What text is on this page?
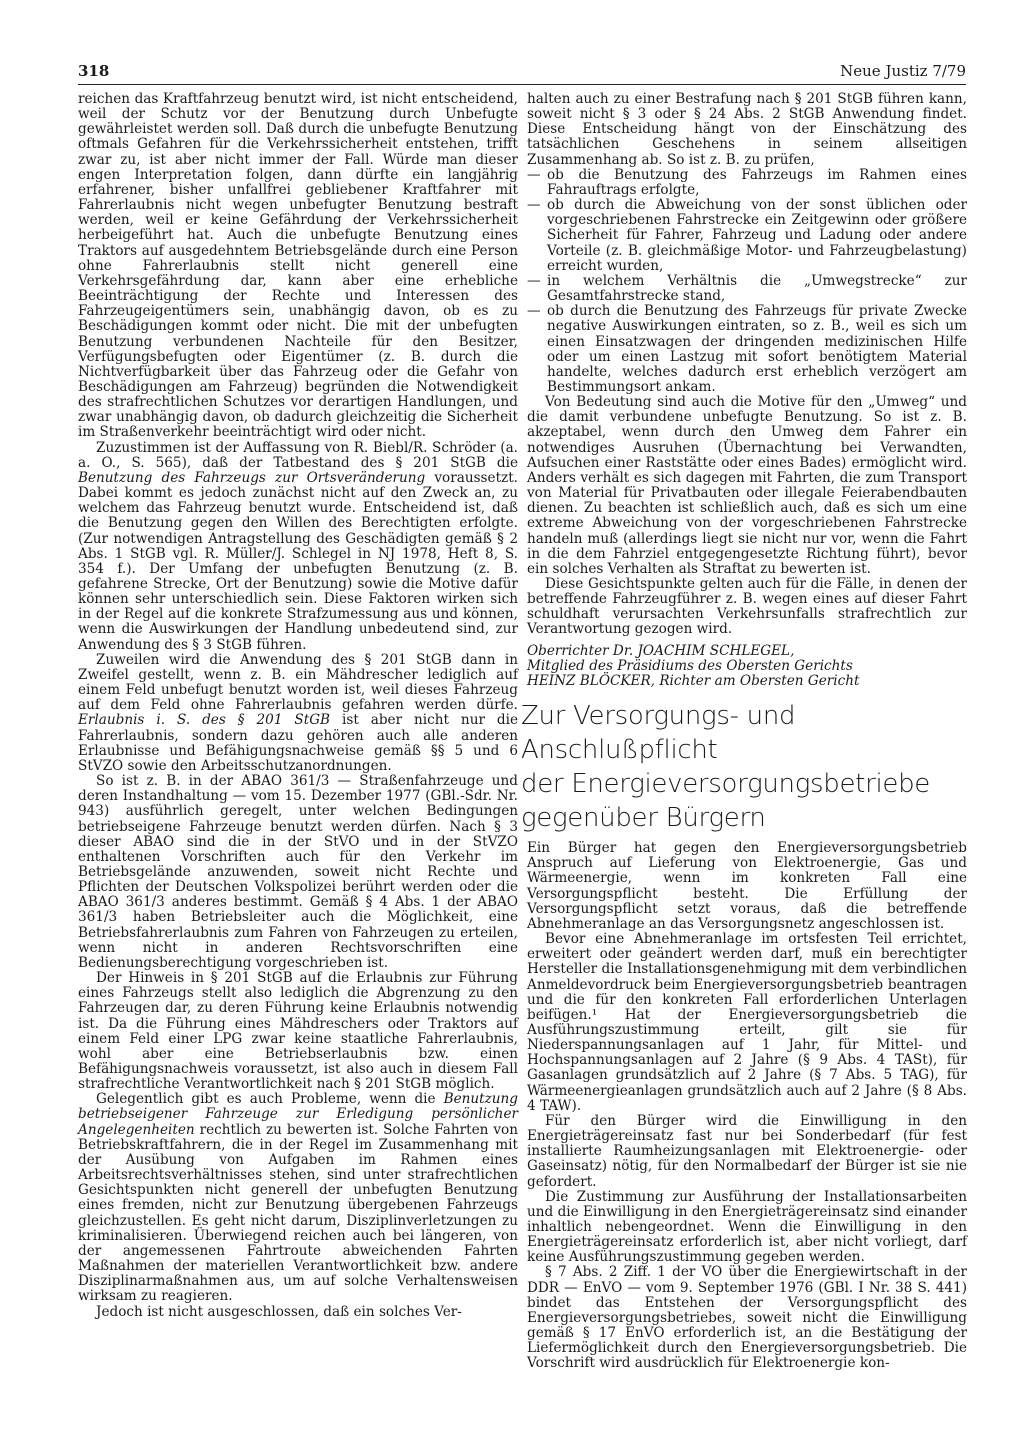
318	Neue Justiz 7/79

reichen das Kraftfahrzeug benutzt wird, ist nicht entscheidend, weil der Schutz vor der Benutzung durch Unbefugte gewährleistet werden soll. Daß durch die unbefugte Benutzung oftmals Gefahren für die Verkehrssicherheit entstehen, trifft zwar zu, ist aber nicht immer der Fall. Würde man dieser engen Interpretation folgen, dann dürfte ein langjährig erfahrener, bisher unfallfrei gebliebener Kraftfahrer mit Fahrerlaubnis nicht wegen unbefugter Benutzung bestraft werden, weil er keine Gefährdung der Verkehrssicherheit herbeigeführt hat. Auch die unbefugte Benutzung eines Traktors auf ausgedehntem Betriebsgelände durch eine Person ohne Fahrerlaubnis stellt nicht generell eine Verkehrsgefährdung dar, kann aber eine erhebliche Beeinträchtigung der Rechte und Interessen des Fahrzeugeigentümers sein, unabhängig davon, ob es zu Beschädigungen kommt oder nicht. Die mit der unbefugten Benutzung verbundenen Nachteile für den Besitzer, Verfügungsbefugten oder Eigentümer (z. B. durch die Nichtverfügbarkeit über das Fahrzeug oder die Gefahr von Beschädigungen am Fahrzeug) begründen die Notwendigkeit des strafrechtlichen Schutzes vor derartigen Handlungen, und zwar unabhängig davon, ob dadurch gleichzeitig die Sicherheit im Straßenverkehr beeinträchtigt wird oder nicht.

Zuzustimmen ist der Auffassung von R. Biebl/R. Schröder (a. a. O., S. 565), daß der Tatbestand des § 201 StGB die Benutzung des Fahrzeugs zur Ortsveränderung voraussetzt. Dabei kommt es jedoch zunächst nicht auf den Zweck an, zu welchem das Fahrzeug benutzt wurde. Entscheidend ist, daß die Benutzung gegen den Willen des Berechtigten erfolgte. (Zur notwendigen Antragstellung des Geschädigten gemäß § 2 Abs. 1 StGB vgl. R. Müller/J. Schlegel in NJ 1978, Heft 8, S. 354 f.). Der Umfang der unbefugten Benutzung (z. B. gefahrene Strecke, Ort der Benutzung) sowie die Motive dafür können sehr unterschiedlich sein. Diese Faktoren wirken sich in der Regel auf die konkrete Strafzumessung aus und können, wenn die Auswirkungen der Handlung unbedeutend sind, zur Anwendung des § 3 StGB führen.

Zuweilen wird die Anwendung des § 201 StGB dann in Zweifel gestellt, wenn z. B. ein Mähdrescher lediglich auf einem Feld unbefugt benutzt worden ist, weil dieses Fahrzeug auf dem Feld ohne Fahrerlaubnis gefahren werden dürfe. Erlaubnis i. S. des § 201 StGB ist aber nicht nur die Fahrerlaubnis, sondern dazu gehören auch alle anderen Erlaubnisse und Befähigungsnachweise gemäß §§ 5 und 6 StVZO sowie den Arbeitsschutzanordnungen.

So ist z. B. in der ABAO 361/3 — Straßenfahrzeuge und deren Instandhaltung — vom 15. Dezember 1977 (GBl.-Sdr. Nr. 943) ausführlich geregelt, unter welchen Bedingungen betriebseigene Fahrzeuge benutzt werden dürfen. Nach § 3 dieser ABAO sind die in der StVO und in der StVZO enthaltenen Vorschriften auch für den Verkehr im Betriebsgelände anzuwenden, soweit nicht Rechte und Pflichten der Deutschen Volkspolizei berührt werden oder die ABAO 361/3 anderes bestimmt. Gemäß § 4 Abs. 1 der ABAO 361/3 haben Betriebsleiter auch die Möglichkeit, eine Betriebsfahrerlaubnis zum Fahren von Fahrzeugen zu erteilen, wenn nicht in anderen Rechtsvorschriften eine Bedienungsberechtigung vorgeschrieben ist.

Der Hinweis in § 201 StGB auf die Erlaubnis zur Führung eines Fahrzeugs stellt also lediglich die Abgrenzung zu den Fahrzeugen dar, zu deren Führung keine Erlaubnis notwendig ist. Da die Führung eines Mähdreschers oder Traktors auf einem Feld einer LPG zwar keine staatliche Fahrerlaubnis, wohl aber eine Betriebserlaubnis bzw. einen Befähigungsnachweis voraussetzt, ist also auch in diesem Fall strafrechtliche Verantwortlichkeit nach § 201 StGB möglich.

Gelegentlich gibt es auch Probleme, wenn die Benutzung betriebseigener Fahrzeuge zur Erledigung persönlicher Angelegenheiten rechtlich zu bewerten ist. Solche Fahrten von Betriebskraftfahrern, die in der Regel im Zusammenhang mit der Ausübung von Aufgaben im Rahmen eines Arbeitsrechtsverhältnisses stehen, sind unter strafrechtlichen Gesichtspunkten nicht generell der unbefugten Benutzung eines fremden, nicht zur Benutzung übergebenen Fahrzeugs gleichzustellen. Es geht nicht darum, Disziplinverletzungen zu kriminalisieren. Überwiegend reichen auch bei längeren, von der angemessenen Fahrtroute abweichenden Fahrten Maßnahmen der materiellen Verantwortlichkeit bzw. andere Disziplinarmaßnahmen aus, um auf solche Verhaltensweisen wirksam zu reagieren.

Jedoch ist nicht ausgeschlossen, daß ein solches Ver-

halten auch zu einer Bestrafung nach § 201 StGB führen kann, soweit nicht § 3 oder § 24 Abs. 2 StGB Anwendung findet. Diese Entscheidung hängt von der Einschätzung des tatsächlichen Geschehens in seinem allseitigen Zusammenhang ab. So ist z. B. zu prüfen,

— ob die Benutzung des Fahrzeugs im Rahmen eines Fahrauftrags erfolgte,
— ob durch die Abweichung von der sonst üblichen oder vorgeschriebenen Fahrstrecke ein Zeitgewinn oder größere Sicherheit für Fahrer, Fahrzeug und Ladung oder andere Vorteile (z. B. gleichmäßige Motor- und Fahrzeugbelastung) erreicht wurden,
— in welchem Verhältnis die „Umwegstrecke“ zur Gesamtfahrstrecke stand,
— ob durch die Benutzung des Fahrzeugs für private Zwecke negative Auswirkungen eintraten, so z. B., weil es sich um einen Einsatzwagen der dringenden medizinischen Hilfe oder um einen Lastzug mit sofort benötigtem Material handelte, welches dadurch erst erheblich verzögert am Bestimmungsort ankam.

Von Bedeutung sind auch die Motive für den „Umweg“ und die damit verbundene unbefugte Benutzung. So ist z. B. akzeptabel, wenn durch den Umweg dem Fahrer ein notwendiges Ausruhen (Übernachtung bei Verwandten, Aufsuchen einer Raststätte oder eines Bades) ermöglicht wird. Anders verhält es sich dagegen mit Fahrten, die zum Transport von Material für Privatbauten oder illegale Feierabendbauten dienen. Zu beachten ist schließlich auch, daß es sich um eine extreme Abweichung von der vorgeschriebenen Fahrstrecke handeln muß (allerdings liegt sie nicht nur vor, wenn die Fahrt in die dem Fahrziel entgegengesetzte Richtung führt), bevor ein solches Verhalten als Straftat zu bewerten ist.

Diese Gesichtspunkte gelten auch für die Fälle, in denen der betreffende Fahrzeugführer z. B. wegen eines auf dieser Fahrt schuldhaft verursachten Verkehrsunfalls strafrechtlich zur Verantwortung gezogen wird.

Oberrichter Dr. JOACHIM SCHLEGEL,

Mitglied des Präsidiums des Obersten Gerichts

HEINZ BLÖCKER, Richter am Obersten Gericht

Zur Versorgungs- und Anschlußpflicht
der Energieversorgungsbetriebe
gegenüber Bürgern

Ein Bürger hat gegen den Energieversorgungsbetrieb Anspruch auf Lieferung von Elektroenergie, Gas und Wärmeenergie, wenn im konkreten Fall eine Versorgungspflicht besteht. Die Erfüllung der Versorgungspflicht setzt voraus, daß die betreffende Abnehmeranlage an das Versorgungsnetz angeschlossen ist.

Bevor eine Abnehmeranlage im ortsfesten Teil errichtet, erweitert oder geändert werden darf, muß ein berechtigter Hersteller die Installationsgenehmigung mit dem verbindlichen Anmeldevordruck beim Energieversorgungsbetrieb beantragen und die für den konkreten Fall erforderlichen Unterlagen beifügen.¹ Hat der Energieversorgungsbetrieb die Ausführungszustimmung erteilt, gilt sie für Niederspannungsanlagen auf 1 Jahr, für Mittel- und Hochspannungsanlagen auf 2 Jahre (§ 9 Abs. 4 TASt), für Gasanlagen grundsätzlich auf 2 Jahre (§ 7 Abs. 5 TAG), für Wärmeenergieanlagen grundsätzlich auch auf 2 Jahre (§ 8 Abs. 4 TAW).

Für den Bürger wird die Einwilligung in den Energieträgereinsatz fast nur bei Sonderbedarf (für fest installierte Raumheizungsanlagen mit Elektroenergie- oder Gaseinsatz) nötig, für den Normalbedarf der Bürger ist sie nie gefordert.

Die Zustimmung zur Ausführung der Installationsarbeiten und die Einwilligung in den Energieträgereinsatz sind einander inhaltlich nebengeordnet. Wenn die Einwilligung in den Energieträgereinsatz erforderlich ist, aber nicht vorliegt, darf keine Ausführungszustimmung gegeben werden.

§ 7 Abs. 2 Ziff. 1 der VO über die Energiewirtschaft in der DDR — EnVO — vom 9. September 1976 (GBl. I Nr. 38 S. 441) bindet das Entstehen der Versorgungspflicht des Energieversorgungsbetriebes, soweit nicht die Einwilligung gemäß § 17 EnVO erforderlich ist, an die Bestätigung der Liefermöglichkeit durch den Energieversorgungsbetrieb. Die Vorschrift wird ausdrücklich für Elektroenergie kon-
